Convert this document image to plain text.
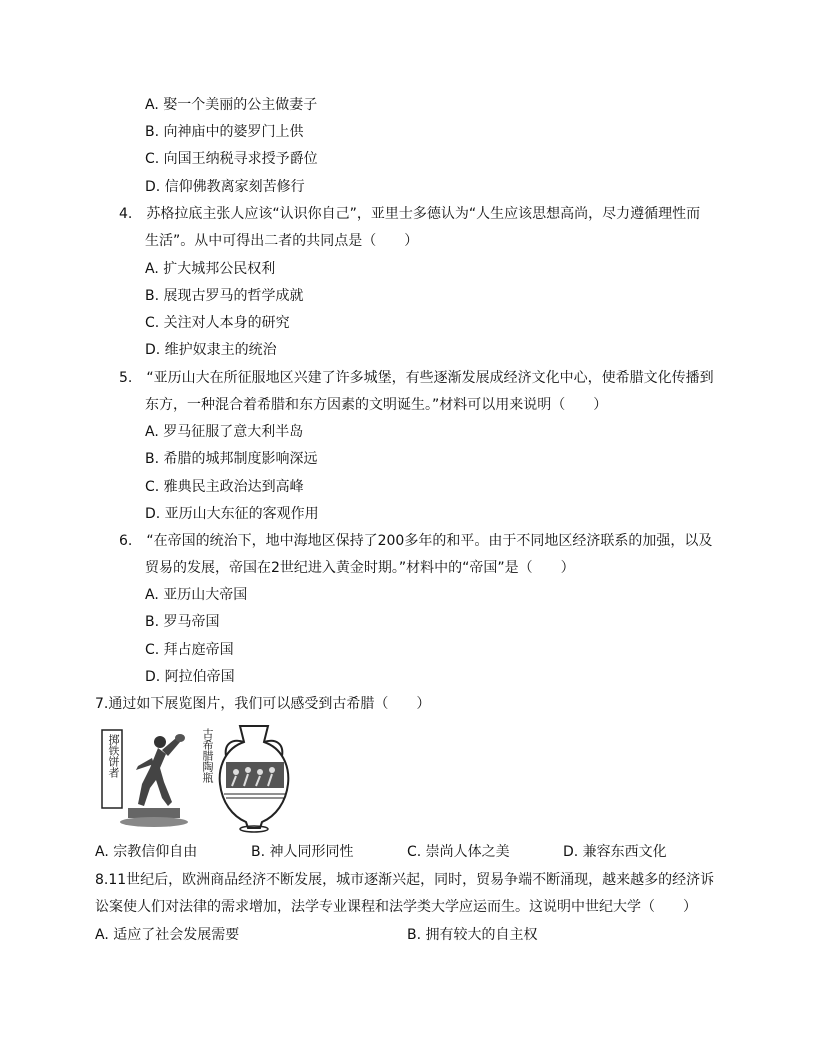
A. 娶一个美丽的公主做妻子
B. 向神庙中的婆罗门上供
C. 向国王纳税寻求授予爵位
D. 信仰佛教离家刻苦修行
4.　苏格拉底主张人应该“认识你自己”，亚里士多德认为“人生应该思想高尚，尽力遵循理性而
生活”。从中可得出二者的共同点是（　　）
A. 扩大城邦公民权利
B. 展现古罗马的哲学成就
C. 关注对人本身的研究
D. 维护奴隶主的统治
5.　“亚历山大在所征服地区兴建了许多城堡，有些逐渐发展成经济文化中心，使希腊文化传播到
东方，一种混合着希腊和东方因素的文明诞生。”材料可以用来说明（　　）
A. 罗马征服了意大利半岛
B. 希腊的城邦制度影响深远
C. 雅典民主政治达到高峰
D. 亚历山大东征的客观作用
6.　“在帝国的统治下，地中海地区保持了200多年的和平。由于不同地区经济联系的加强，以及
贸易的发展，帝国在2世纪进入黄金时期。”材料中的“帝国”是（　　）
A. 亚历山大帝国
B. 罗马帝国
C. 拜占庭帝国
D. 阿拉伯帝国
7.通过如下展览图片，我们可以感受到古希腊（　　）
掷铁饼者	古希腊陶瓶
A. 宗教信仰自由	B. 神人同形同性	C. 崇尚人体之美	D. 兼容东西文化
8.11世纪后，欧洲商品经济不断发展，城市逐渐兴起，同时，贸易争端不断涌现，越来越多的经济诉
讼案使人们对法律的需求增加，法学专业课程和法学类大学应运而生。这说明中世纪大学（　　）
A. 适应了社会发展需要	B. 拥有较大的自主权
